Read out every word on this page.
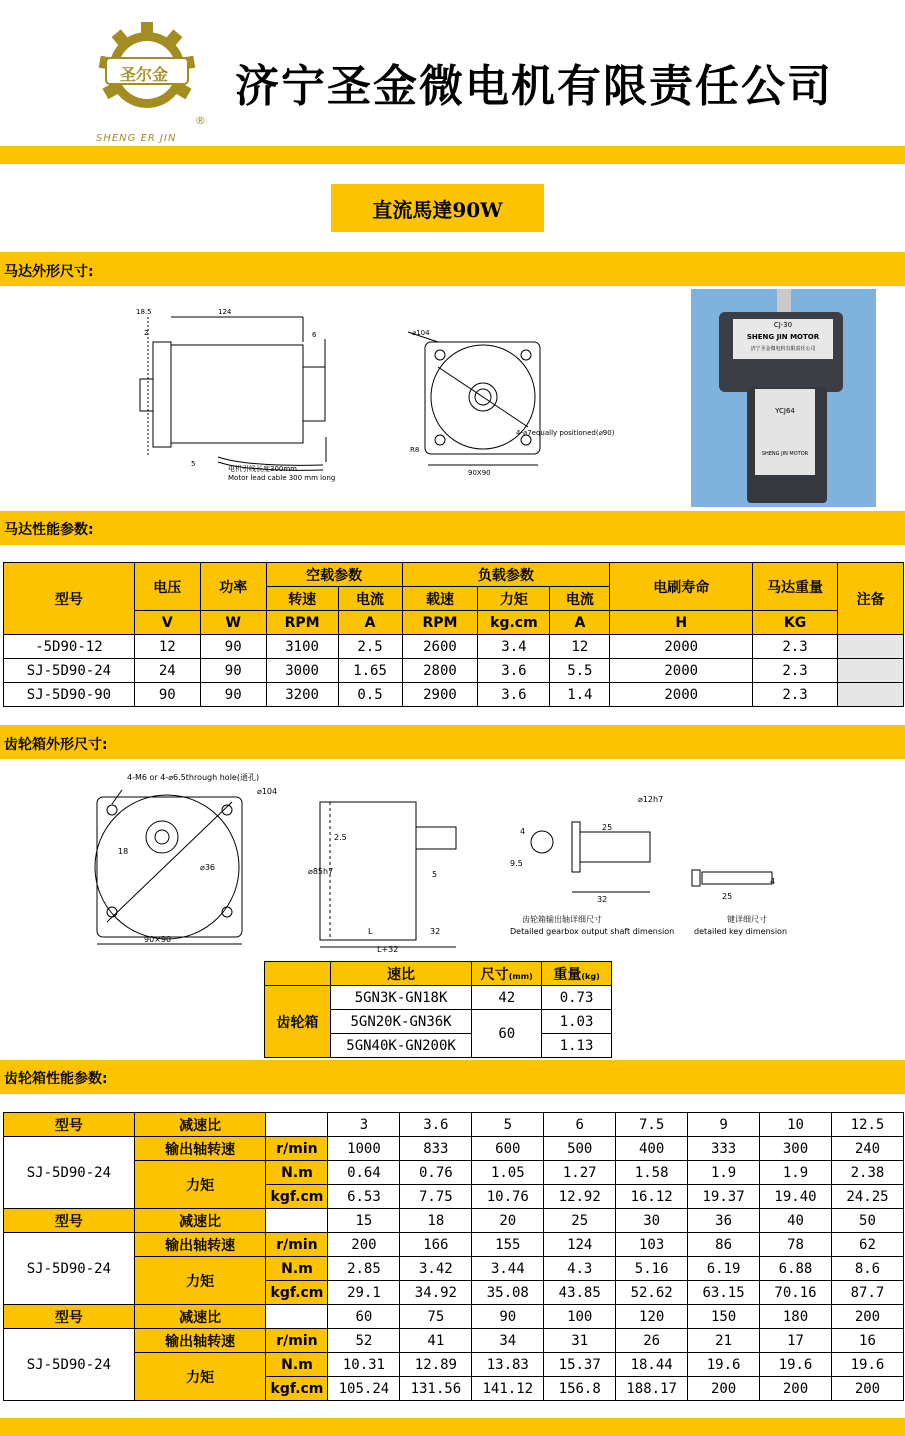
圣尔金
SHENG ER JIN
®
济宁圣金微电机有限责任公司
直流馬達90W
马达外形尺寸:
124
18.5
2	6
5
电机引线长度300mm
Motor lead cable 300 mm long
⌀104
R8
90X90
4-⌀7equally positioned(⌀90)
CJ-30
SHENG JIN MOTOR
济宁圣金微电机有限责任公司
YCJ64
SHENG JIN MOTOR
马达性能参数:
型号	电压	功率	空载参数		负载参数			电刷寿命	马达重量	注备
			转速	电流	载速	力矩	电流			
	V	W	RPM	A	RPM	kg.cm	A	H	KG	
-5D90-12	12	90	3100	2.5	2600	3.4	12	2000	2.3	
SJ-5D90-24	24	90	3000	1.65	2800	3.6	5.5	2000	2.3	
SJ-5D90-90	90	90	3200	0.5	2900	3.6	1.4	2000	2.3	
齿轮箱外形尺寸:
4-M6 or 4-⌀6.5through hole(通孔)
⌀104
18
⌀36
90×90
2.5
⌀85h7	5
L	32
L+32
4
9.5
25
32
⌀12h7
齿轮箱输出轴详细尺寸
Detailed gearbox output shaft dimension
25
4
键详细尺寸
detailed key dimension
	速比	尺寸(mm)	重量(kg)
齿轮箱	5GN3K-GN18K	42	0.73
	5GN20K-GN36K	60	1.03
	5GN40K-GN200K		1.13
齿轮箱性能参数:
型号	减速比		3	3.6	5	6	7.5	9	10	12.5
SJ-5D90-24	输出轴转速	r/min	1000	833	600	500	400	333	300	240
	力矩	N.m	0.64	0.76	1.05	1.27	1.58	1.9	1.9	2.38
		kgf.cm	6.53	7.75	10.76	12.92	16.12	19.37	19.40	24.25
型号	减速比		15	18	20	25	30	36	40	50
SJ-5D90-24	输出轴转速	r/min	200	166	155	124	103	86	78	62
	力矩	N.m	2.85	3.42	3.44	4.3	5.16	6.19	6.88	8.6
		kgf.cm	29.1	34.92	35.08	43.85	52.62	63.15	70.16	87.7
型号	减速比		60	75	90	100	120	150	180	200
SJ-5D90-24	输出轴转速	r/min	52	41	34	31	26	21	17	16
	力矩	N.m	10.31	12.89	13.83	15.37	18.44	19.6	19.6	19.6
		kgf.cm	105.24	131.56	141.12	156.8	188.17	200	200	200
